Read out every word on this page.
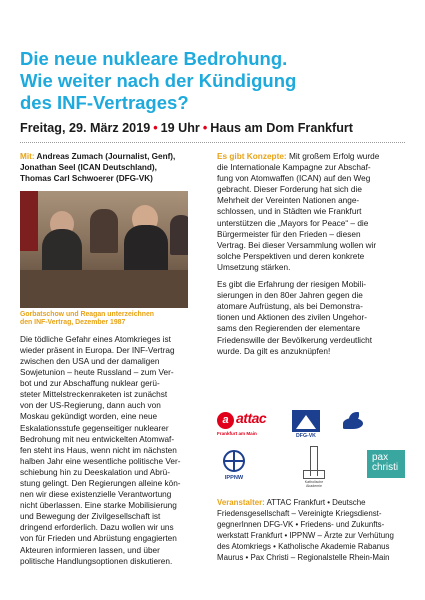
Die neue nukleare Bedrohung.
Wie weiter nach der Kündigung
des INF-Vertrages?
Freitag, 29. März 2019 • 19 Uhr • Haus am Dom Frankfurt
Mit: Andreas Zumach (Journalist, Genf),
Jonathan Seel (ICAN Deutschland),
Thomas Carl Schwoerer (DFG-VK)
Gorbatschow und Reagan unterzeichnen
den INF-Vertrag, Dezember 1987
Die tödliche Gefahr eines Atomkrieges ist
wieder präsent in Europa. Der INF-Vertrag
zwischen den USA und der damaligen
Sowjetunion – heute Russland – zum Ver-
bot und zur Abschaffung nuklear gerü-
steter Mittelstreckenraketen ist zunächst
von der US-Regierung, dann auch von
Moskau gekündigt worden, eine neue
Eskalationsstufe gegenseitiger nuklearer
Bedrohung mit neu entwickelten Atomwaf-
fen steht ins Haus, wenn nicht im nächsten
halben Jahr eine wesentliche politische Ver-
schiebung hin zu Deeskalation und Abrü-
stung gelingt. Den Regierungen alleine kön-
nen wir diese existenzielle Verantwortung
nicht überlassen. Eine starke Mobilisierung
und Bewegung der Zivilgesellschaft ist
dringend erforderlich. Dazu wollen wir uns
von für Frieden und Abrüstung engagierten
Akteuren informieren lassen, und über
politische Handlungsoptionen diskutieren.

Es gibt Konzepte: Mit großem Erfolg wurde
die Internationale Kampagne zur Abschaf-
fung von Atomwaffen (ICAN) auf den Weg
gebracht. Dieser Forderung hat sich die
Mehrheit der Vereinten Nationen ange-
schlossen, und in Städten wie Frankfurt
unterstützen die „Mayors for Peace“ – die
Bürgermeister für den Frieden – diesen
Vertrag. Bei dieser Versammlung wollen wir
solche Perspektiven und deren konkrete
Umsetzung stärken.

Es gibt die Erfahrung der riesigen Mobili-
sierungen in den 80er Jahren gegen die
atomare Aufrüstung, als bei Demonstra-
tionen und Aktionen des zivilen Ungehor-
sams den Regierenden der elementare
Friedenswille der Bevölkerung verdeutlicht
wurde. Da gilt es anzuknüpfen!

a attac
Frankfurt am Main	DFG-VK
IPPNW
Katholische Akademie
pax
christi
Veranstalter: ATTAC Frankfurt • Deutsche
Friedensgesellschaft – Vereinigte Kriegsdienst-
gegnerInnen DFG-VK • Friedens- und Zukunfts-
werkstatt Frankfurt • IPPNW – Ärzte zur Verhütung
des Atomkriegs • Katholische Akademie Rabanus
Maurus • Pax Christi – Regionalstelle Rhein-Main
